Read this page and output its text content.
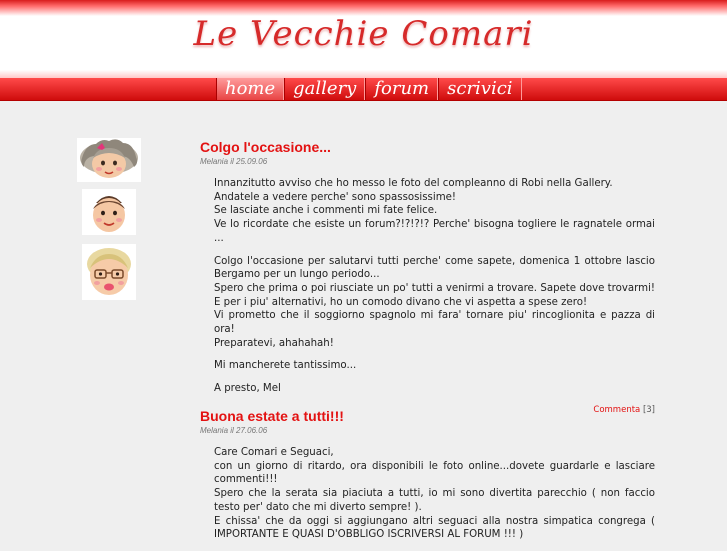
Le Vecchie Comari
home	gallery	forum	scrivici
Colgo l'occasione...
Melania il 25.09.06

Innanzitutto avviso che ho messo le foto del compleanno di Robi nella Gallery.
Andatele a vedere perche' sono spassosissime!
Se lasciate anche i commenti mi fate felice.
Ve lo ricordate che esiste un forum?!?!?!? Perche' bisogna togliere le ragnatele ormai ...

Colgo l'occasione per salutarvi tutti perche' come sapete, domenica 1 ottobre lascio Bergamo per un lungo periodo...
Spero che prima o poi riusciate un po' tutti a venirmi a trovare. Sapete dove trovarmi! E per i piu' alternativi, ho un comodo divano che vi aspetta a spese zero!
Vi prometto che il soggiorno spagnolo mi fara' tornare piu' rincoglionita e pazza di ora!
Preparatevi, ahahahah!

Mi mancherete tantissimo...

A presto, Mel

Commenta [3]
Buona estate a tutti!!!
Melania il 27.06.06

Care Comari e Seguaci,
con un giorno di ritardo, ora disponibili le foto online...dovete guardarle e lasciare commenti!!!
Spero che la serata sia piaciuta a tutti, io mi sono divertita parecchio ( non faccio testo per' dato che mi diverto sempre! ).
E chissa' che da oggi si aggiungano altri seguaci alla nostra simpatica congrega ( IMPORTANTE E QUASI D'OBBLIGO ISCRIVERSI AL FORUM !!! )
